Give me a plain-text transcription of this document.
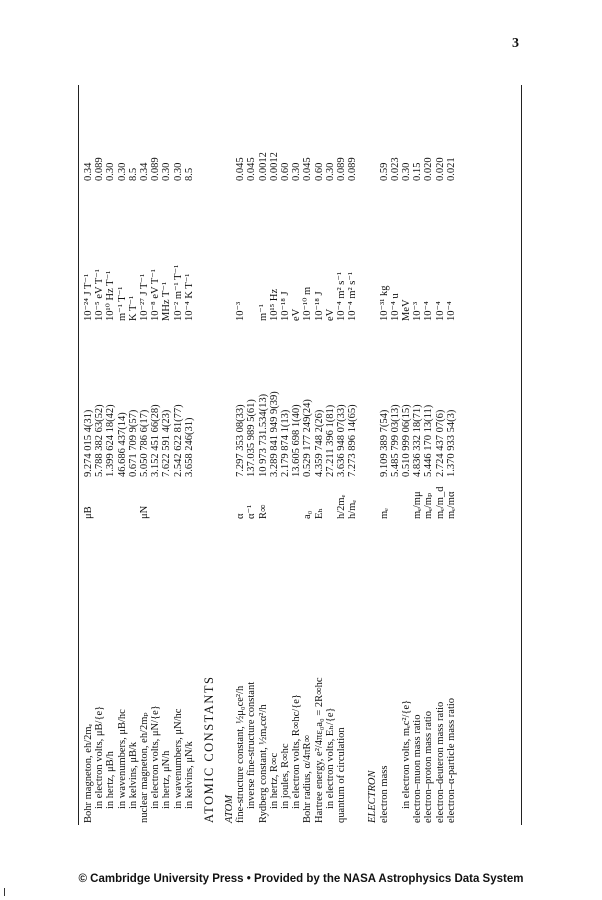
3
Bohr magneton, eh/2mₑ
μB
9.274 015 4(31)
10⁻²⁴ J T⁻¹
0.34
in electron volts, μB/{e}
5.788 382 63(52)
10⁻⁵ eV T⁻¹
0.089
in hertz, μB/h
1.399 624 18(42)
10¹⁰ Hz T⁻¹
0.30
in wavenumbers, μB/hc
46.686 437(14)
m⁻¹ T⁻¹
0.30
in kelvins, μB/k
0.671 709 9(57)
K T⁻¹
8.5
nuclear magneton, eh/2mₚ
μN
5.050 786 6(17)
10⁻²⁷ J T⁻¹
0.34
in electron volts, μN/{e}
3.152 451 66(28)
10⁻⁸ eV T⁻¹
0.089
in hertz, μN/h
7.622 591 4(23)
MHz T⁻¹
0.30
in wavenumbers, μN/hc
2.542 622 81(77)
10⁻² m⁻¹ T⁻¹
0.30
in kelvins, μN/k
3.658 246(31)
10⁻⁴ K T⁻¹
8.5
ATOMIC CONSTANTS ATOM fine-structure constant, ½μ₀ce²/h
α
7.297 353 08(33)
10⁻³
0.045
inverse fine-structure constant
α⁻¹
137.035 989 5(61)
0.045
Rydberg constant, ½mₑcα²/h
R∞
10 973 731.534(13)
m⁻¹
0.0012
in hertz, R∞c
3.289 841 949 9(39)
10¹⁵ Hz
0.0012
in joules, R∞hc
2.179 874 1(13)
10⁻¹⁸ J
0.60
in electron volts, R∞hc/{e}
13.605 698 1(40)
eV
0.30
Bohr radius, α/4πR∞
a₀
0.529 177 249(24)
10⁻¹⁰ m
0.045
Hartree energy, e²/4πε₀a₀ = 2R∞hc
Eₕ
4.359 748 2(26)
10⁻¹⁸ J
0.60
in electron volts, Eₕ/{e}
27.211 396 1(81)
eV
0.30
quantum of circulation
h/2mₑ
3.636 948 07(33)
10⁻⁴ m² s⁻¹
0.089
h/mₑ
7.273 896 14(65)
10⁻⁴ m² s⁻¹
0.089
ELECTRON electron mass
mₑ
9.109 389 7(54)
10⁻³¹ kg
0.59
5.485 799 03(13)
10⁻⁴ u
0.023
in electron volts, mₑc²/{e}
0.510 999 06(15)
MeV
0.30
electron–muon mass ratio
mₑ/mμ
4.836 332 18(71)
10⁻³
0.15
electron–proton mass ratio
mₑ/mₚ
5.446 170 13(11)
10⁻⁴
0.020
electron–deuteron mass ratio
mₑ/m_d
2.724 437 07(6)
10⁻⁴
0.020
electron–α-particle mass ratio
mₑ/mα
1.370 933 54(3)
10⁻⁴
0.021
© Cambridge University Press • Provided by the NASA Astrophysics Data System
